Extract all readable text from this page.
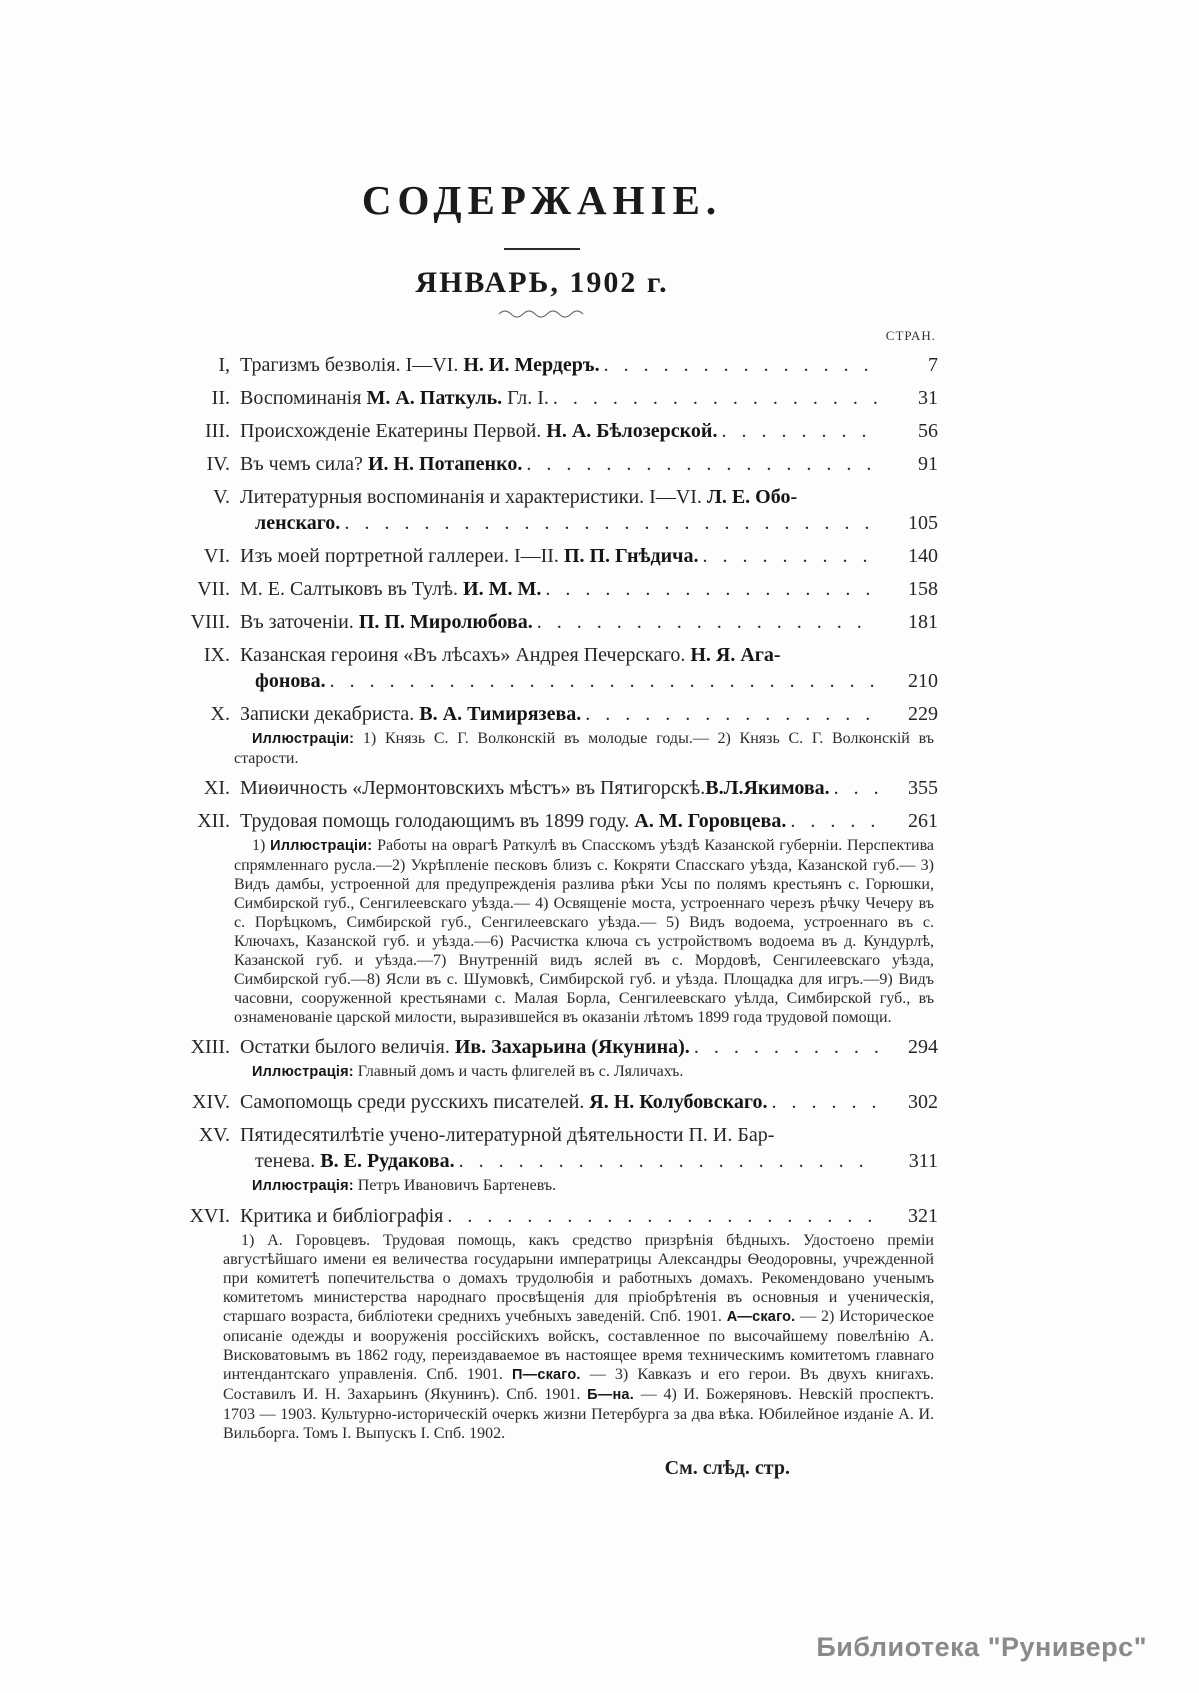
СОДЕРЖАНІЕ.
ЯНВАРЬ, 1902 г.
СТРАН.
I, Трагизмъ безволія. I—VI. Н. И. Мердеръ. . . .	7
II. Воспоминанія М. А. Паткуль. Гл. I. . . .	31
III. Происхожденіе Екатерины Первой. Н. А. Бѣлозерской. . . .	56
IV. Въ чемъ сила? И. Н. Потапенко. . . .	91
V. Литературныя воспоминанія и характеристики. I—VI. Л. Е. Обо-
ленскаго. . . .	105
VI. Изъ моей портретной галлереи. I—II. П. П. Гнѣдича. . . .	140
VII. М. Е. Салтыковъ въ Тулѣ. И. М. М. . . .	158
VIII. Въ заточеніи. П. П. Миролюбова. . . .	181
IX. Казанская героиня «Въ лѣсахъ» Андрея Печерскаго. Н. Я. Ага-
фонова. . . .	210
X. Записки декабриста. В. А. Тимирязева. . . .	229
Иллюстраціи: 1) Князь С. Г. Волконскій въ молодые годы.— 2) Князь С. Г. Волконскій въ старости.
XI. Миѳичность «Лермонтовскихъ мѣстъ» въ Пятигорскѣ.В.Л.Якимова. . . .	355
XII. Трудовая помощь голодающимъ въ 1899 году. А. М. Горовцева. . . .	261
1) Иллюстраціи: Работы на оврагѣ Раткулѣ въ Спасскомъ уѣздѣ Казанской губерніи. Перспектива спрямленнаго русла.—2) Укрѣпленіе песковъ близъ с. Кокряти Спасскаго уѣзда, Казанской губ.— 3) Видъ дамбы, устроенной для предупрежденія разлива рѣки Усы по полямъ крестьянъ с. Горюшки, Симбирской губ., Сенгилеевскаго уѣзда.— 4) Освященіе моста, устроеннаго черезъ рѣчку Чечеру въ с. Порѣцкомъ, Симбирской губ., Сенгилеевскаго уѣзда.— 5) Видъ водоема, устроеннаго въ с. Ключахъ, Казанской губ. и уѣзда.—6) Расчистка ключа съ устройствомъ водоема въ д. Кундурлѣ, Казанской губ. и уѣзда.—7) Внутренній видъ яслей въ с. Мордовѣ, Сенгилеевскаго уѣзда, Симбирской губ.—8) Ясли въ с. Шумовкѣ, Симбирской губ. и уѣзда. Площадка для игръ.—9) Видъ часовни, сооруженной крестьянами с. Малая Борла, Сенгилеевскаго уѣлда, Симбирской губ., въ ознаменованіе царской милости, выразившейся въ оказаніи лѣтомъ 1899 года трудовой помощи.
XIII. Остатки былого величія. Ив. Захарьина (Якунина). . . .	294
Иллюстрація: Главный домъ и часть флигелей въ с. Ляличахъ.
XIV. Самопомощь среди русскихъ писателей. Я. Н. Колубовскаго. . . .	302
XV. Пятидесятилѣтіе учено-литературной дѣятельности П. И. Бар-
тенева. В. Е. Рудакова. . . .	311
Иллюстрація: Петръ Ивановичъ Бартеневъ.
XVI. Критика и библіографія . . .	321
1) А. Горовцевъ. Трудовая помощь, какъ средство призрѣнія бѣдныхъ. Удостоено преміи августѣйшаго имени ея величества государыни императрицы Александры Ѳеодоровны, учрежденной при комитетѣ попечительства о домахъ трудолюбія и работныхъ домахъ. Рекомендовано ученымъ комитетомъ министерства народнаго просвѣщенія для пріобрѣтенія въ основныя и ученическія, старшаго возраста, библіотеки среднихъ учебныхъ заведеній. Спб. 1901. А—скаго. — 2) Историческое описаніе одежды и вооруженія россійскихъ войскъ, составленное по высочайшему повелѣнію А. Висковатовымъ въ 1862 году, переиздаваемое въ настоящее время техническимъ комитетомъ главнаго интендантскаго управленія. Спб. 1901. П—скаго. — 3) Кавказъ и его герои. Въ двухъ книгахъ. Составилъ И. Н. Захарьинъ (Якунинъ). Спб. 1901. Б—на. — 4) И. Божеряновъ. Невскій проспектъ. 1703 — 1903. Культурно-историческій очеркъ жизни Петербурга за два вѣка. Юбилейное изданіе А. И. Вильборга. Томъ I. Выпускъ I. Спб. 1902.
См. слѣд. стр.
Библиотека "Руниверс"
